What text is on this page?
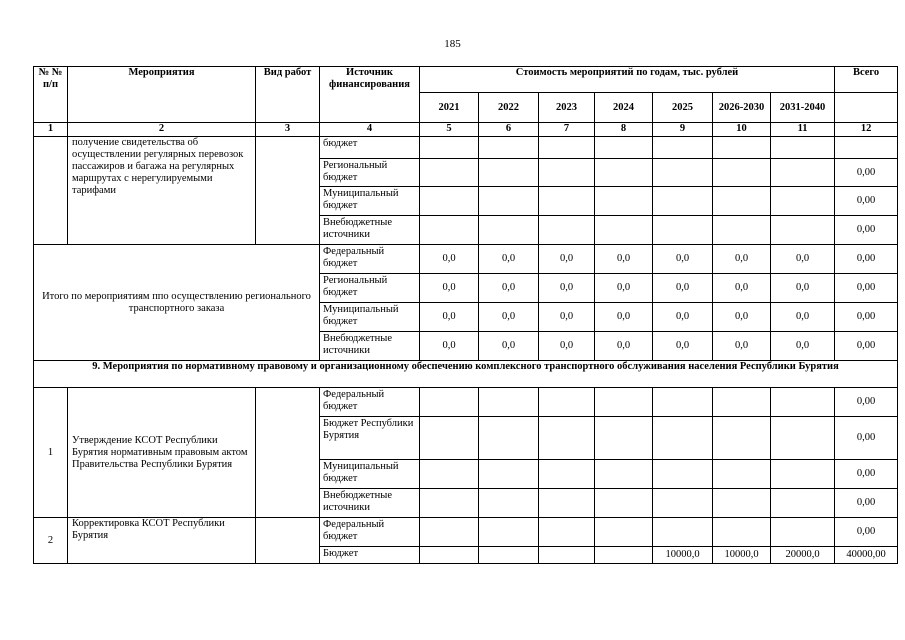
185
№ № п/п	Мероприятия	Вид работ	Источник финансирования	Стоимость мероприятий по годам, тыс. рублей							Всего
				2021	2022	2023	2024	2025	2026-2030	2031-2040	
1	2	3	4	5	6	7	8	9	10	11	12
	получение свидетельства об осуществлении регулярных перевозок пассажиров и багажа на регулярных маршрутах с нерегулируемыми тарифами		бюджет								
			Региональный бюджет								0,00
			Муниципальный бюджет								0,00
			Внебюджетные источники								0,00
Итого по мероприятиям ппо осуществлению регионального транспортного заказа			Федеральный бюджет	0,0	0,0	0,0	0,0	0,0	0,0	0,0	0,00
			Региональный бюджет	0,0	0,0	0,0	0,0	0,0	0,0	0,0	0,00
			Муниципальный бюджет	0,0	0,0	0,0	0,0	0,0	0,0	0,0	0,00
			Внебюджетные источники	0,0	0,0	0,0	0,0	0,0	0,0	0,0	0,00
9. Мероприятия по нормативному правовому и организационному обеспечению комплексного транспортного обслуживания населения Республики Бурятия											
1	Утверждение КСОТ Республики Бурятия нормативным правовым актом Правительства Республики Бурятия		Федеральный бюджет								0,00
			Бюджет Республики Бурятия								0,00
			Муниципальный бюджет								0,00
			Внебюджетные источники								0,00
2	Корректировка КСОТ Республики Бурятия		Федеральный бюджет								0,00
			Бюджет					10000,0	10000,0	20000,0	40000,00
